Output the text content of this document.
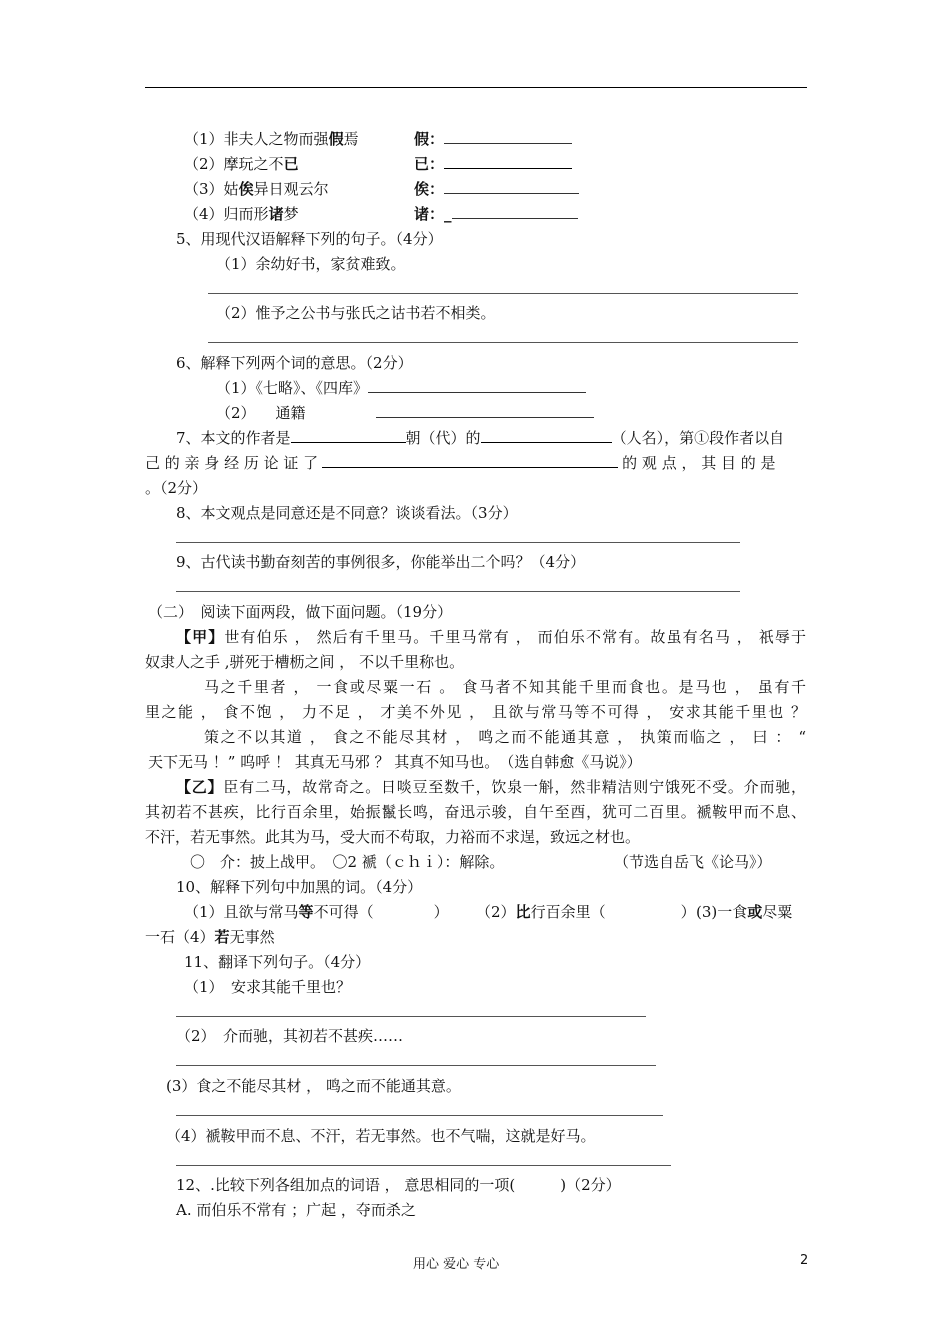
（1）非夫人之物而强假焉	假：
（2）摩玩之不已	已：
（3）姑俟异日观云尔	俟：
（4）归而形诸梦	诸：_
5、用现代汉语解释下列的句子。（4分）
（1）余幼好书，家贫难致。
（2）惟予之公书与张氏之诂书若不相类。
6、解释下列两个词的意思。（2分）
（1）《七略》、《四库》
（2） 通籍
7、本文的作者是	朝（代）的	（人名），第①段作者以自
己 的 亲 身 经 历 论 证 了	的 观 点 ， 其 目 的 是
。（2分）
8、本文观点是同意还是不同意？谈谈看法。（3分）
9、古代读书勤奋刻苦的事例很多，你能举出二个吗？（4分）
（二）　阅读下面两段，做下面问题。（19分）
【甲】世有伯乐 ， 然后有千里马。千里马常有 ， 而伯乐不常有。故虽有名马 ， 祇辱于
奴隶人之手 ,骈死于槽枥之间 ， 不以千里称也。
马之千里者 ， 一食或尽粟一石 。 食马者不知其能千里而食也。是马也 ， 虽有千
里之能 ， 食不饱 ， 力不足 ， 才美不外见 ， 且欲与常马等不可得 ， 安求其能千里也 ？
策之不以其道 ， 食之不能尽其材 ， 鸣之而不能通其意 ， 执策而临之 ， 曰 ： “
天下无马 ！” 呜呼 ！ 其真无马邪 ？ 其真不知马也。　（选自韩愈《马说》）
【乙】臣有二马，故常奇之。日啖豆至数千，饮泉一斛，然非精洁则宁饿死不受。介而驰，
其初若不甚疾，比行百余里，始振鬣长鸣，奋迅示骏，自午至酉，犹可二百里。褫鞍甲而不息、
不汗，若无事然。此其为马，受大而不苟取，力裕而不求逞，致远之材也。
〇　介：披上战甲。　〇2 褫（ｃｈｉ）：解除。	（节选自岳飞《论马》）
10、解释下列句中加黑的词。（4分）
（1）且欲与常马等不可得（　　　　） （2）比行百余里（　　　　　） (3)一食或尽粟
一石（4）若无事然
11、翻译下列句子。（4分）
（1）　安求其能千里也？
（2）　介而驰，其初若不甚疾……
(3）食之不能尽其材 ， 鸣之而不能通其意。
（4）褫鞍甲而不息、不汗，若无事然。也不气喘，这就是好马。
12、.比较下列各组加点的词语 ， 意思相同的一项(　　　)（2分）
A. 而伯乐不常有 ；广起 ，夺而杀之
用心 爱心 专心	2
